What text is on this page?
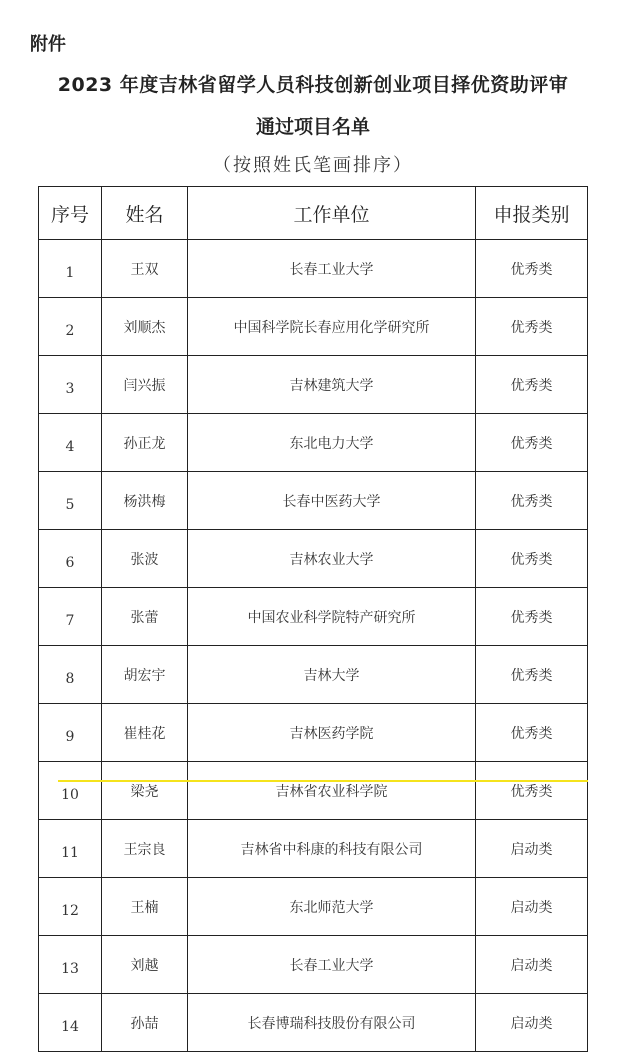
附件
2023 年度吉林省留学人员科技创新创业项目择优资助评审
通过项目名单
（按照姓氏笔画排序）
序号	姓名	工作单位	申报类别
1	王双	长春工业大学	优秀类
2	刘顺杰	中国科学院长春应用化学研究所	优秀类
3	闫兴振	吉林建筑大学	优秀类
4	孙正龙	东北电力大学	优秀类
5	杨洪梅	长春中医药大学	优秀类
6	张波	吉林农业大学	优秀类
7	张蕾	中国农业科学院特产研究所	优秀类
8	胡宏宇	吉林大学	优秀类
9	崔桂花	吉林医药学院	优秀类
10	梁尧	吉林省农业科学院	优秀类
11	王宗良	吉林省中科康的科技有限公司	启动类
12	王楠	东北师范大学	启动类
13	刘越	长春工业大学	启动类
14	孙喆	长春博瑞科技股份有限公司	启动类
